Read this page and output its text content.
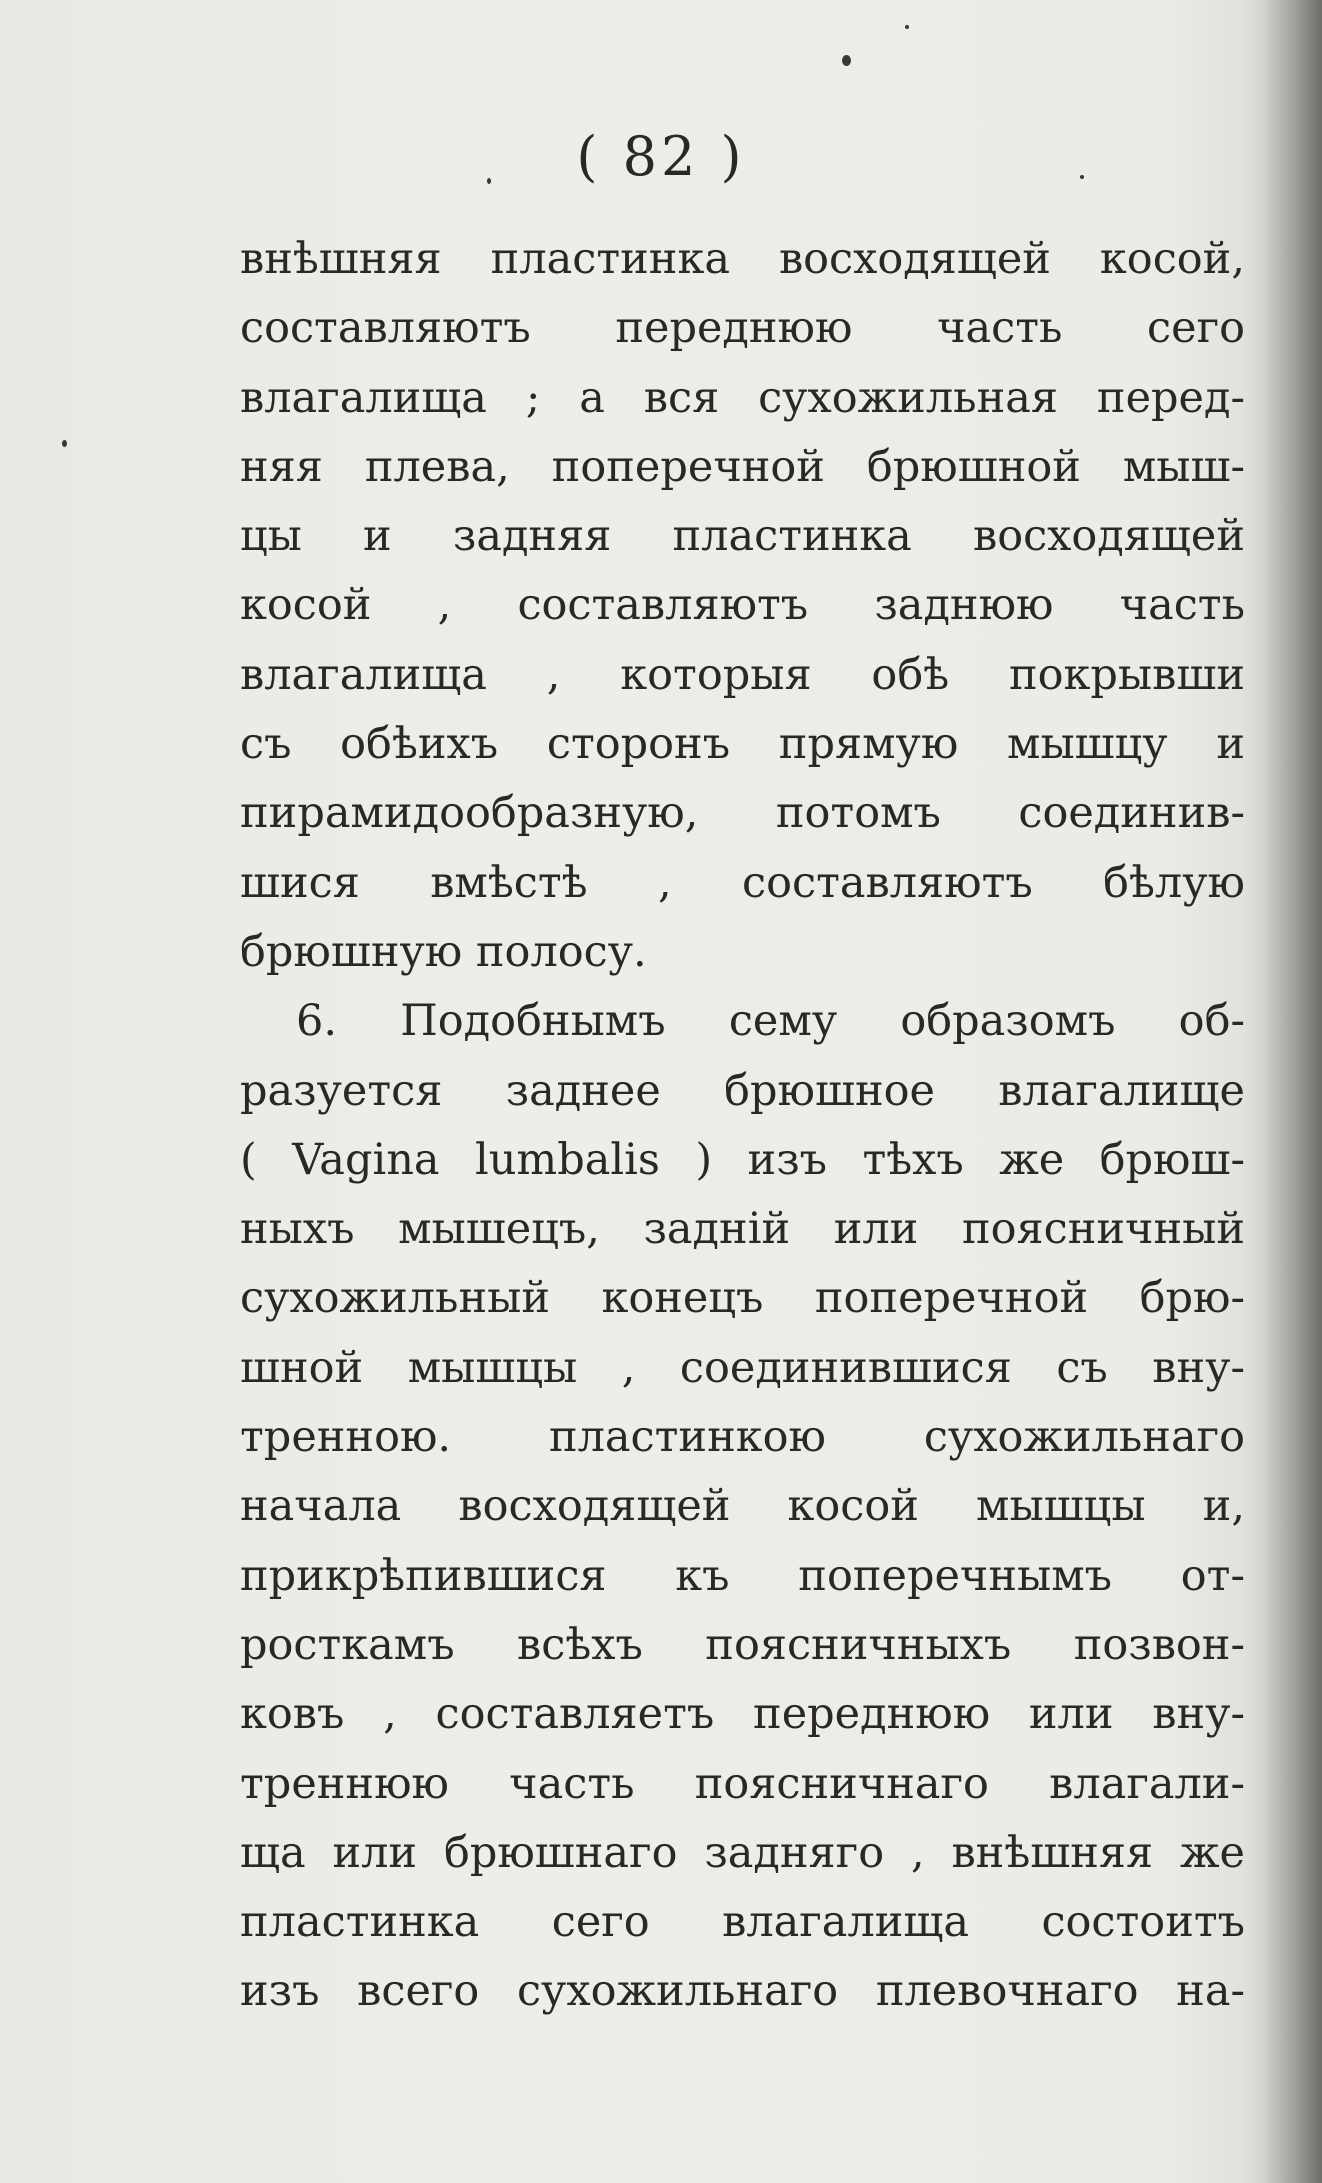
( 82 )
внѣшняя пластинка восходящей косой,
составляютъ переднюю часть сего
влагалища ; а вся сухожильная перед-
няя плева, поперечной брюшной мыш-
цы и задняя пластинка восходящей
косой , составляютъ заднюю часть
влагалища , которыя обѣ покрывши
съ обѣихъ сторонъ прямую мышцу и
пирамидообразную, потомъ соединив-
шися вмѣстѣ , составляютъ бѣлую
брюшную полосу.
6. Подобнымъ сему образомъ об-
разуется заднее брюшное влагалище
( Vagina lumbalis ) изъ тѣхъ же брюш-
ныхъ мышецъ, заднiй или поясничный
сухожильный конецъ поперечной брю-
шной мышцы , соединившися съ вну-
тренною. пластинкою сухожильнаго
начала восходящей косой мышцы и,
прикрѣпившися къ поперечнымъ от-
росткамъ всѣхъ поясничныхъ позвон-
ковъ , составляетъ переднюю или вну-
треннюю часть поясничнаго влагали-
ща или брюшнаго задняго , внѣшняя же
пластинка сего влагалища состоитъ
изъ всего сухожильнаго плевочнаго на-
